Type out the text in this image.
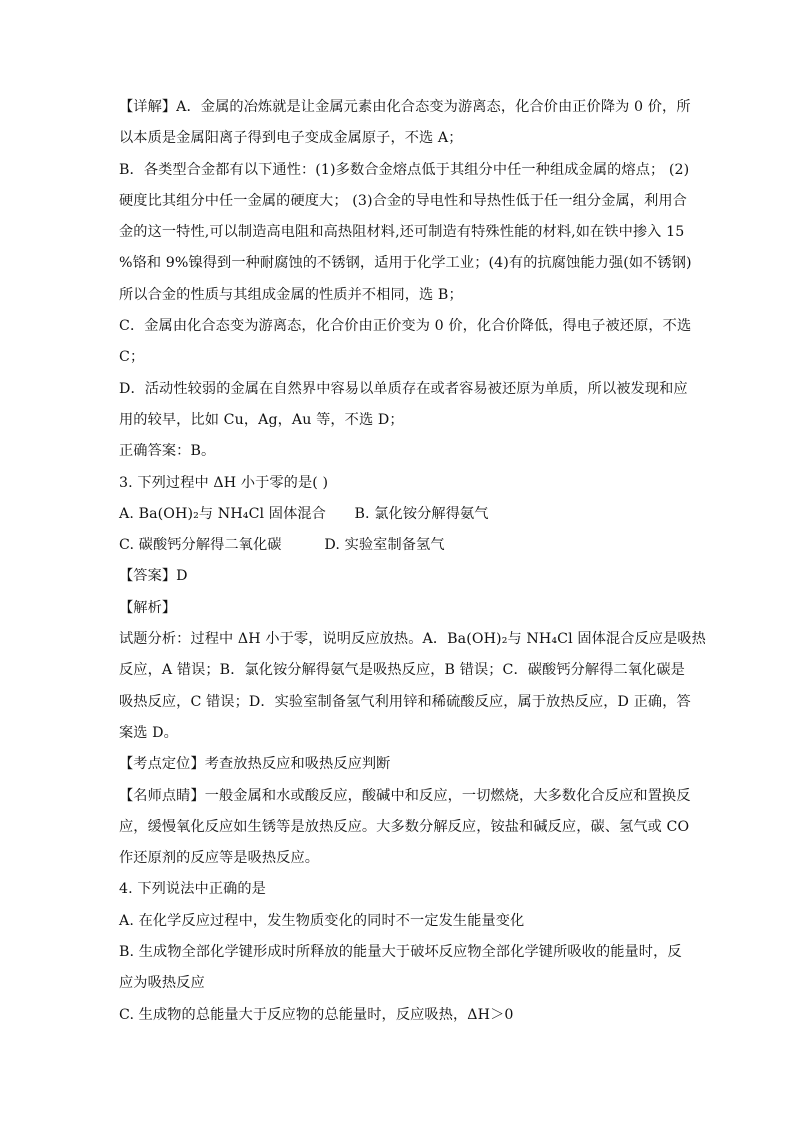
【详解】A．金属的冶炼就是让金属元素由化合态变为游离态，化合价由正价降为 0 价，所
以本质是金属阳离子得到电子变成金属原子，不选 A；
B．各类型合金都有以下通性：(1)多数合金熔点低于其组分中任一种组成金属的熔点； (2)
硬度比其组分中任一金属的硬度大； (3)合金的导电性和导热性低于任一组分金属，利用合
金的这一特性,可以制造高电阻和高热阻材料,还可制造有特殊性能的材料,如在铁中掺入 15
%铬和 9%镍得到一种耐腐蚀的不锈钢，适用于化学工业；(4)有的抗腐蚀能力强(如不锈钢)
所以合金的性质与其组成金属的性质并不相同，选 B；
C．金属由化合态变为游离态，化合价由正价变为 0 价，化合价降低，得电子被还原，不选
C；
D．活动性较弱的金属在自然界中容易以单质存在或者容易被还原为单质，所以被发现和应
用的较早，比如 Cu，Ag，Au 等，不选 D；
正确答案：B。
3. 下列过程中 ΔH 小于零的是( )
A. Ba(OH)₂与 NH₄Cl 固体混合　　B. 氯化铵分解得氨气
C. 碳酸钙分解得二氧化碳　　　D. 实验室制备氢气
【答案】D
【解析】
试题分析：过程中 ΔH 小于零，说明反应放热。A．Ba(OH)₂与 NH₄Cl 固体混合反应是吸热
反应，A 错误；B．氯化铵分解得氨气是吸热反应，B 错误；C．碳酸钙分解得二氧化碳是
吸热反应，C 错误；D．实验室制备氢气利用锌和稀硫酸反应，属于放热反应，D 正确，答
案选 D。
【考点定位】考查放热反应和吸热反应判断
【名师点睛】一般金属和水或酸反应，酸碱中和反应，一切燃烧，大多数化合反应和置换反
应，缓慢氧化反应如生锈等是放热反应。大多数分解反应，铵盐和碱反应，碳、氢气或 CO
作还原剂的反应等是吸热反应。
4. 下列说法中正确的是
A. 在化学反应过程中，发生物质变化的同时不一定发生能量变化
B. 生成物全部化学键形成时所释放的能量大于破坏反应物全部化学键所吸收的能量时，反
应为吸热反应
C. 生成物的总能量大于反应物的总能量时，反应吸热，ΔH＞0
